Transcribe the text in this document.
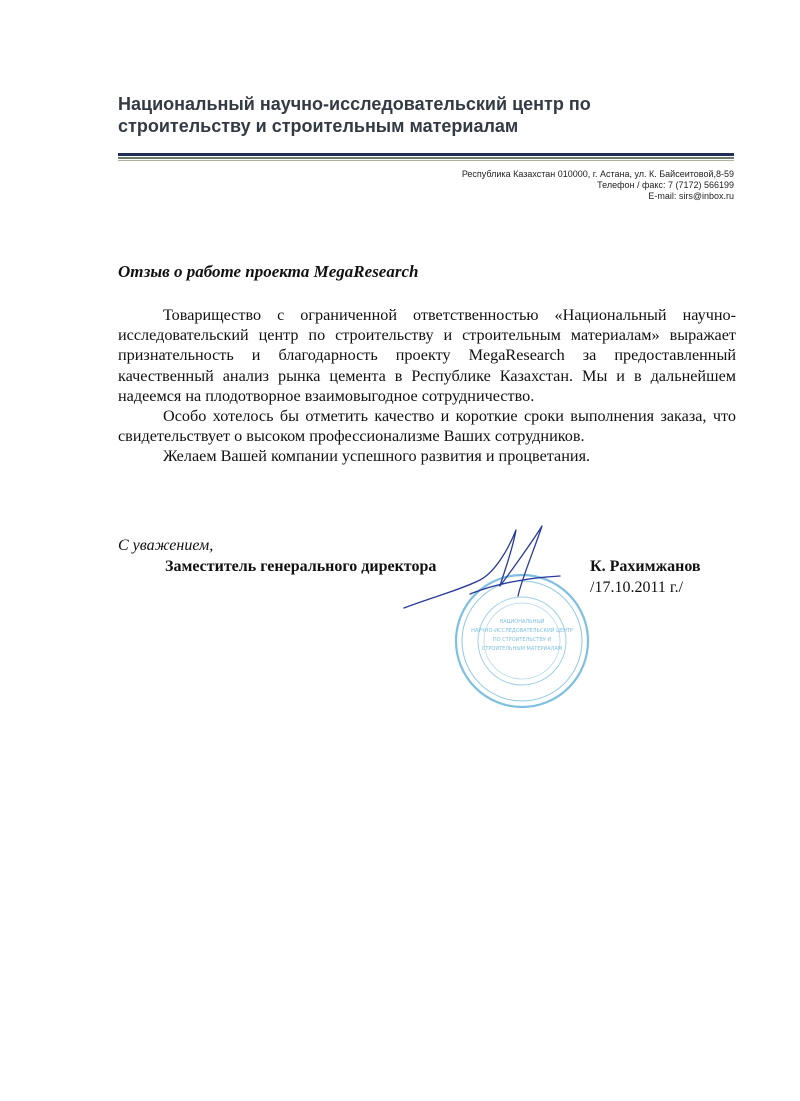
Национальный научно-исследовательский центр по
строительству и строительным материалам
Республика Казахстан 010000, г. Астана, ул. К. Байсеитовой,8-59
Телефон / факс: 7 (7172) 566199
E-mail: sirs@inbox.ru
Отзыв о работе проекта MegaResearch

Товарищество с ограниченной ответственностью «Национальный научно-исследовательский центр по строительству и строительным материалам» выражает признательность и благодарность проекту MegaResearch за предоставленный качественный анализ рынка цемента в Республике Казахстан. Мы и в дальнейшем надеемся на плодотворное взаимовыгодное сотрудничество.

Особо хотелось бы отметить качество и короткие сроки выполнения заказа, что свидетельствует о высоком профессионализме Ваших сотрудников.

Желаем Вашей компании успешного развития и процветания.

НАЦИОНАЛЬНЫЙ
НАУЧНО-ИССЛЕДОВАТЕЛЬСКИЙ ЦЕНТР
ПО СТРОИТЕЛЬСТВУ И
СТРОИТЕЛЬНЫМ МАТЕРИАЛАМ
С уважением,
Заместитель генерального директора	К. Рахимжанов
/17.10.2011 г./
